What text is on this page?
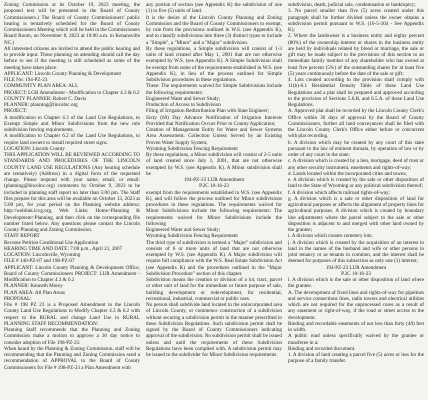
Zoning Commission at its October 19, 2023 meeting, the proposed text will be presented to the Board of County Commissioners.) The Board of County Commissioners' public hearing is tentatively scheduled for the Board of County Commissioners Meeting which will be held in the Commissioners Board Room, on November 8, 2023 at 10:00 a.m. in Kenansville NC.)

All interested citizens are invited to attend the public hearing and to provide input. Those planning on attending should call the day before to see if the meeting is still scheduled as some of the meeting have taken place.

APPLICANT: Lincoln County Planning & Development

FILE No: 194-PZ-23

COMMUNITY PLAN AREA: ALL

PROJECT: LGB Amendment - Modification to Chapter 4.3 & 6.2

COUNTY PLANNER: Robert C. Davis

PLANNER: planning@lincolnc.org

PROJECT:

A modification to Chapter 4.3 of the Land Use Regulations, to Exempt Simple and Minor Subdivisions from the new rule subdivision fencing requirements.

A modification to Chapter 6.2 of the Land Use Regulations, to require land owners to install required street signs.

LOCATION: Lincoln County

THIS APPLICATION WILL BE REVIEWED ACCORDING TO STANDARDS AND PROCEDURES OF THE LINCOLN COUNTY LAND USE REGULATIONS (Any hearing schedule are tentatively) (Address) in a digital form of the requested change. Please respond with your name, email, or email: (planning@lincolnc.org) comments by October 9, 2023 to be included in planning staff report no later than 5:00 pm. The Staff files prepare for this area will be available on October 13, 2023 at 5:00 pm, for your period on the Planning website address: http://weblink.lcvg.org, Web Links: Home>Planning & Development>Planning, and then click on the corresponding file number listed below. Any questions please contact the Lincoln County Planning and Zoning Commission.

STAFF REPORT

Become Petition Conditional Use Application

HEARING TIME AND DATE: 7:00 p.m., April 21, 2007

LOCATION: Lincolnville, Wyoming

FILE # 140-PZ-07 and 198-PZ-07

APPLICANT: Lincoln County Planning & Development Office, Board of County Commissioners PROJECT: LUR Amendment - Modification to Chapter 4.3 & 6.2

PLANNER: Kenneth Morey

PLAN AREA: All Plan Areas

PROPOSAL:

File # 198 PZ 23 is a Proposed Amendment to the Lincoln County Land Use Regulations to Modify Chapter 4.3 & 6.2 with respect to the RURAL and change Land Use in RURAL PLANNING STAFF RECOMMENDATION:

Planning Staff recommends that the Planning and Zoning Commission make a motion to approve a 30 day notice to consider adoption of File 198-PZ-23.

When heard by the Planning & Zoning Commission, staff will be recommending that the Planning and Zoning Commission send a recommendation of APPROVAL to the Board of County Commissioners for File # 198-PZ-23 a Plan Amendment with

any portion of section (see Appendix K) the subdivision of one (1) to five (5) units of land.

It is the desire of the Lincoln County Planning and Zoning Commission and the Board of County Commissioners to exempt, by rule from the provisions outlined in W.S. (see Appendix K), and to classify subdivisions into three (3) distinct types to include a "Simple", a "Minor" and a "Major" subdivision.

By these regulations, a Simple subdivision will consist of 1-3 units of land created after May 1, 2001 that are not otherwise exempted by W.S. (see Appendix K). A Simple Subdivision shall be exempt from some of the requirements established in W.S. (see Appendix K), in lieu of the process outlined for Simple Subdivision procedures in these regulations.

These: The requirements waived for Simple Subdivisions include the following requirements:

Engineered Water and Sewer Study;

Production of Access to Subdivision

Filing of Irrigation Redistribution Plan with State Engineer;

Sixty (60) Day Advance Notification of Irrigation Interests Provided that Notification Occurs Prior to County Application;

Creation of Management Entity for Water and Sewer Systems Area Assessment. Collection Unless Served by an Existing Proven Water Supply System;

Wyoming Subdivision Fencing Requirement

By these regulations, a Minor subdivision will consist of 2-5 units of land created since July 1, 2001, that are not otherwise exempted by W.S. (see Appendix K). A Minor subdivision shall be

194-PZ-23 LUR Amendment

P.2C 10-16-23

exempt from the requirements established in W.S. (see Appendix K), and will follow the process outlined for Minor subdivisions procedures in these regulations. The requirements waived for Minor Subdivisions include the following requirements: The requirements waived for Minor Subdivisions include the following

Engineered Water and Sewer Study;

Wyoming Subdivision Fencing Requirement

The third type of subdivision is termed a "Major" subdivision and consists of 6 or more units of land that are not otherwise exempted by W.S. (see Appendix K). A Major subdivision will require full compliance with the W.S. Real Estate Subdivision Act (see Appendix K) and the procedures outlined in the "Major Subdivision Procedure" section of this chapter.

Subdivision means the creation or division of a lot, tract, parcel or other unit of land for the immediate or future purpose of sale, building development or redevelopment, for residential, recreational, industrial, commercial or public uses.

No person shall subdivide land located in the unincorporated area of Lincoln County, or commence construction of a subdivision without securing a subdivision permit in the manner prescribed in these Subdivision Regulations. Such subdivision permit shall be signed by the Board of County Commissioners indicating approval of the subdivision. No subdivision permit shall be issued unless and until the requirements of these Subdivision Regulations have been complied with. A subdivision permit may be issued to the subdivider for Minor Subdivision requirements.

subdivision, death, judicial sale, condemnation or bankruptcy;

3. No parcel smaller than five (5) acres created under this paragraph shall be further divided unless the owner obtains a subdivision permit pursuant to W.S. (16-5-304 - See Appendix K);

2. Where the landowner is a business entity and eighty percent (80%) of the ownership interest or shares in the business entity are held by individuals related by blood or marriage, the sale or gift may be made subject to the provisions of this section to an immediate family member of any shareholder who has owned at least five percent (5%) of the outstanding shares for at least five (5) years continuously before the date of the sale or gift;

4. Lots created according to the provision shall comply with 11(b)-6.1 Residential Density Table of these Land Use Regulations and a plat shall be prepared and approved according to the provision of Sections 5.6.B, and 6.5.A. of these Land Use Regulations.

A. Approved plat shall be recorded by the Lincoln County Clerk's Office within 30 days of approval by the Board of County Commissioners, further all land conveyances shall be filed with the Lincoln County Clerk's Office either before or concurrent with plat recording.

b. A division which may be created by any court of this state pursuant to the law of eminent domain, by operation of law or by order of any court in the state;

c. A division which is created by a lien, mortgage, deed of trust or any other security instrument, easements and rights-of-way;

d. Lands located within the incorporated cities and towns;

e. A division which is created by the sale or other disposition of land to the State of Wyoming or any political subdivision thereof;

f. A division which affects railroad rights-of-way;

g. A division which is a sale or other disposition of land for agricultural purposes or affects the alignment of property lines for agricultural purposes. A division which is created by boundary line adjustments where the parcel subject to the sale or other disposition is adjacent to and merged with other land owned by the grantee;

i. A division which creates cemetery lots;

j. A division which is created by the acquisition of an interest in land in the names of the husband and wife or other persons in joint tenancy or as tenants in common, and the interest shall be deemed for purposes of this subsection as only one (1) interest;

194-PZ-23 LUR Amendment

P.2C 10-16-23

l. A division which is the sale or other disposition of land where the grantee.

A. The development of fixed lines and rights-of-way for pipelines and service connections lines, radio towers and electrical utilities which are not required for the unprocessed cores as a result of any easement or right-of-way, if the road or street access to the development.

Binding and recordable easements of not less than forty (40) feet in width.

A public road unless specifically waived by the grantee or transferee in a:

Binding and recorded document.

1. A division of land creating a parcel five (5) acres or less for the purpose of a family transfer.
